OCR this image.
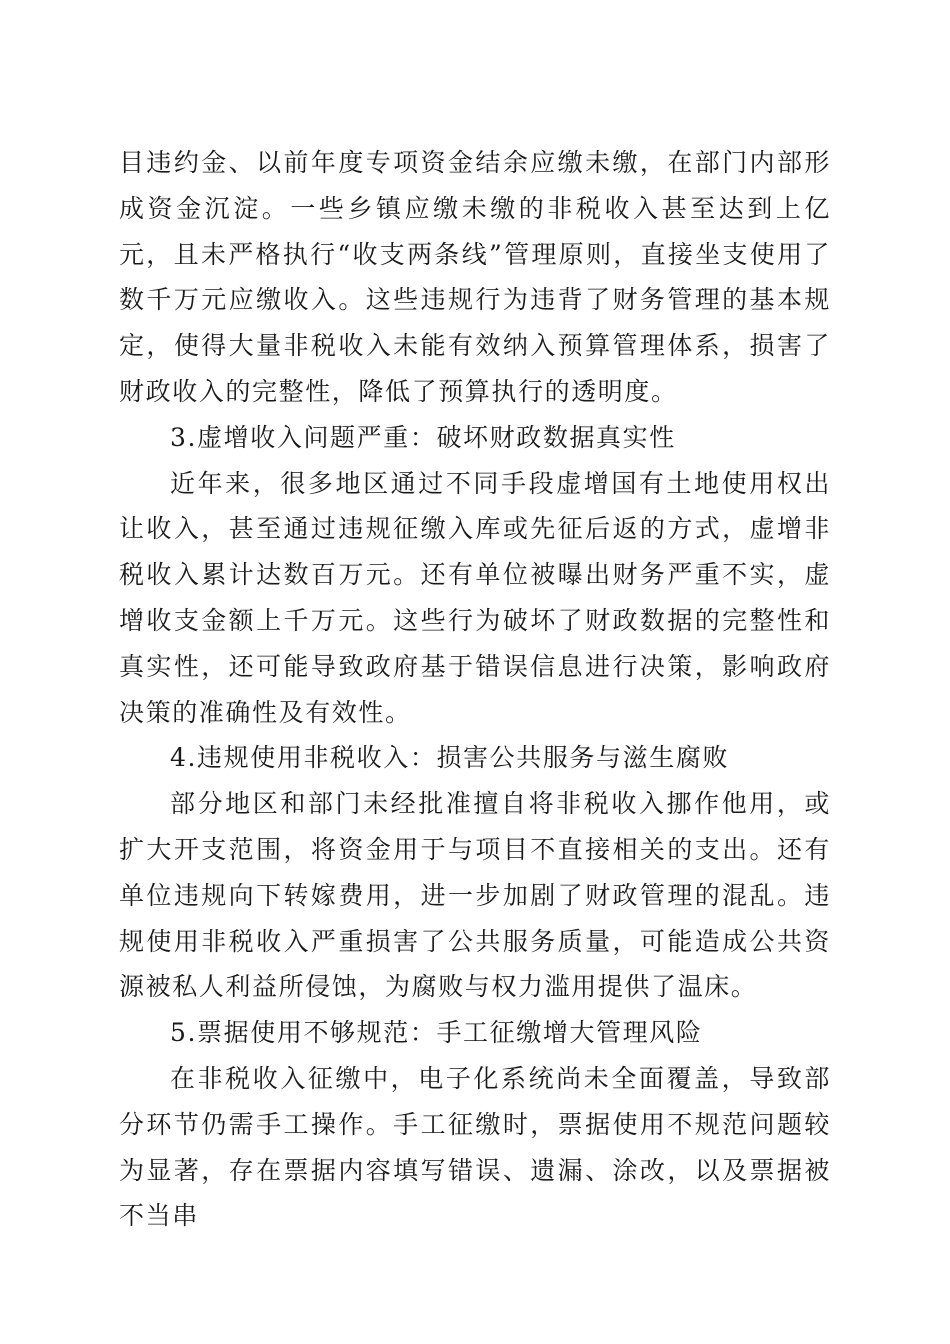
目违约金、以前年度专项资金结余应缴未缴，在部门内部形成资金沉淀。一些乡镇应缴未缴的非税收入甚至达到上亿元，且未严格执行“收支两条线”管理原则，直接坐支使用了数千万元应缴收入。这些违规行为违背了财务管理的基本规定，使得大量非税收入未能有效纳入预算管理体系，损害了财政收入的完整性，降低了预算执行的透明度。

3.虚增收入问题严重：破坏财政数据真实性

近年来，很多地区通过不同手段虚增国有土地使用权出让收入，甚至通过违规征缴入库或先征后返的方式，虚增非税收入累计达数百万元。还有单位被曝出财务严重不实，虚增收支金额上千万元。这些行为破坏了财政数据的完整性和真实性，还可能导致政府基于错误信息进行决策，影响政府决策的准确性及有效性。

4.违规使用非税收入：损害公共服务与滋生腐败

部分地区和部门未经批准擅自将非税收入挪作他用，或扩大开支范围，将资金用于与项目不直接相关的支出。还有单位违规向下转嫁费用，进一步加剧了财政管理的混乱。违规使用非税收入严重损害了公共服务质量，可能造成公共资源被私人利益所侵蚀，为腐败与权力滥用提供了温床。

5.票据使用不够规范：手工征缴增大管理风险

在非税收入征缴中，电子化系统尚未全面覆盖，导致部分环节仍需手工操作。手工征缴时，票据使用不规范问题较为显著，存在票据内容填写错误、遗漏、涂改，以及票据被不当串
